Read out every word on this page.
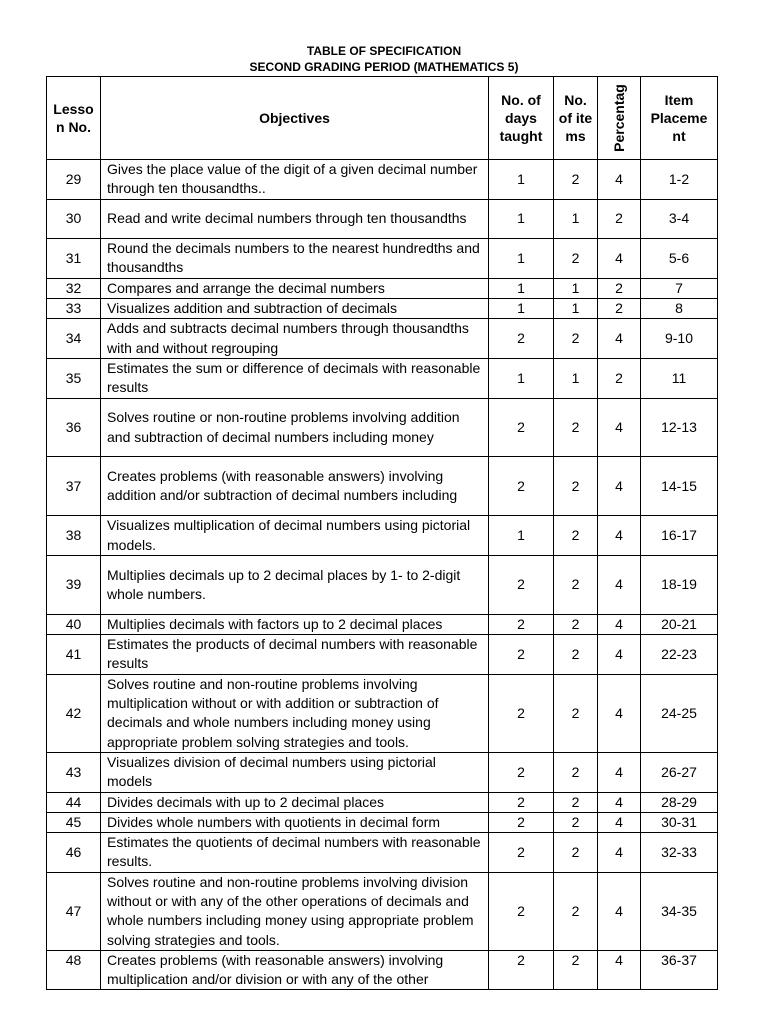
TABLE OF SPECIFICATION
SECOND GRADING PERIOD (MATHEMATICS 5)
Lesso n No.	Objectives	No. of days taught	No. of ite ms	Percentag	Item Placeme nt
29	Gives the place value of the digit of a given decimal number through ten thousandths..	1	2	4	1-2
30	Read and write decimal numbers through ten thousandths	1	1	2	3-4
31	Round the decimals numbers to the nearest hundredths and thousandths	1	2	4	5-6
32	Compares and arrange the decimal numbers	1	1	2	7
33	Visualizes addition and subtraction of decimals	1	1	2	8
34	Adds and subtracts decimal numbers through thousandths with and without regrouping	2	2	4	9-10
35	Estimates the sum or difference of decimals with reasonable results	1	1	2	11
36	Solves routine or non-routine problems involving addition and subtraction of decimal numbers including money	2	2	4	12-13
37	Creates problems (with reasonable answers) involving addition and/or subtraction of decimal numbers including	2	2	4	14-15
38	Visualizes multiplication of decimal numbers using pictorial models.	1	2	4	16-17
39	Multiplies decimals up to 2 decimal places by 1- to 2-digit whole numbers.	2	2	4	18-19
40	Multiplies decimals with factors up to 2 decimal places	2	2	4	20-21
41	Estimates the products of decimal numbers with reasonable results	2	2	4	22-23
42	Solves routine and non-routine problems involving multiplication without or with addition or subtraction of decimals and whole numbers including money using appropriate problem solving strategies and tools.	2	2	4	24-25
43	Visualizes division of decimal numbers using pictorial models	2	2	4	26-27
44	Divides decimals with up to 2 decimal places	2	2	4	28-29
45	Divides whole numbers with quotients in decimal form	2	2	4	30-31
46	Estimates the quotients of decimal numbers with reasonable results.	2	2	4	32-33
47	Solves routine and non-routine problems involving division without or with any of the other operations of decimals and whole numbers including money using appropriate problem solving strategies and tools.	2	2	4	34-35
48	Creates problems (with reasonable answers) involving multiplication and/or division or with any of the other	2	2	4	36-37
